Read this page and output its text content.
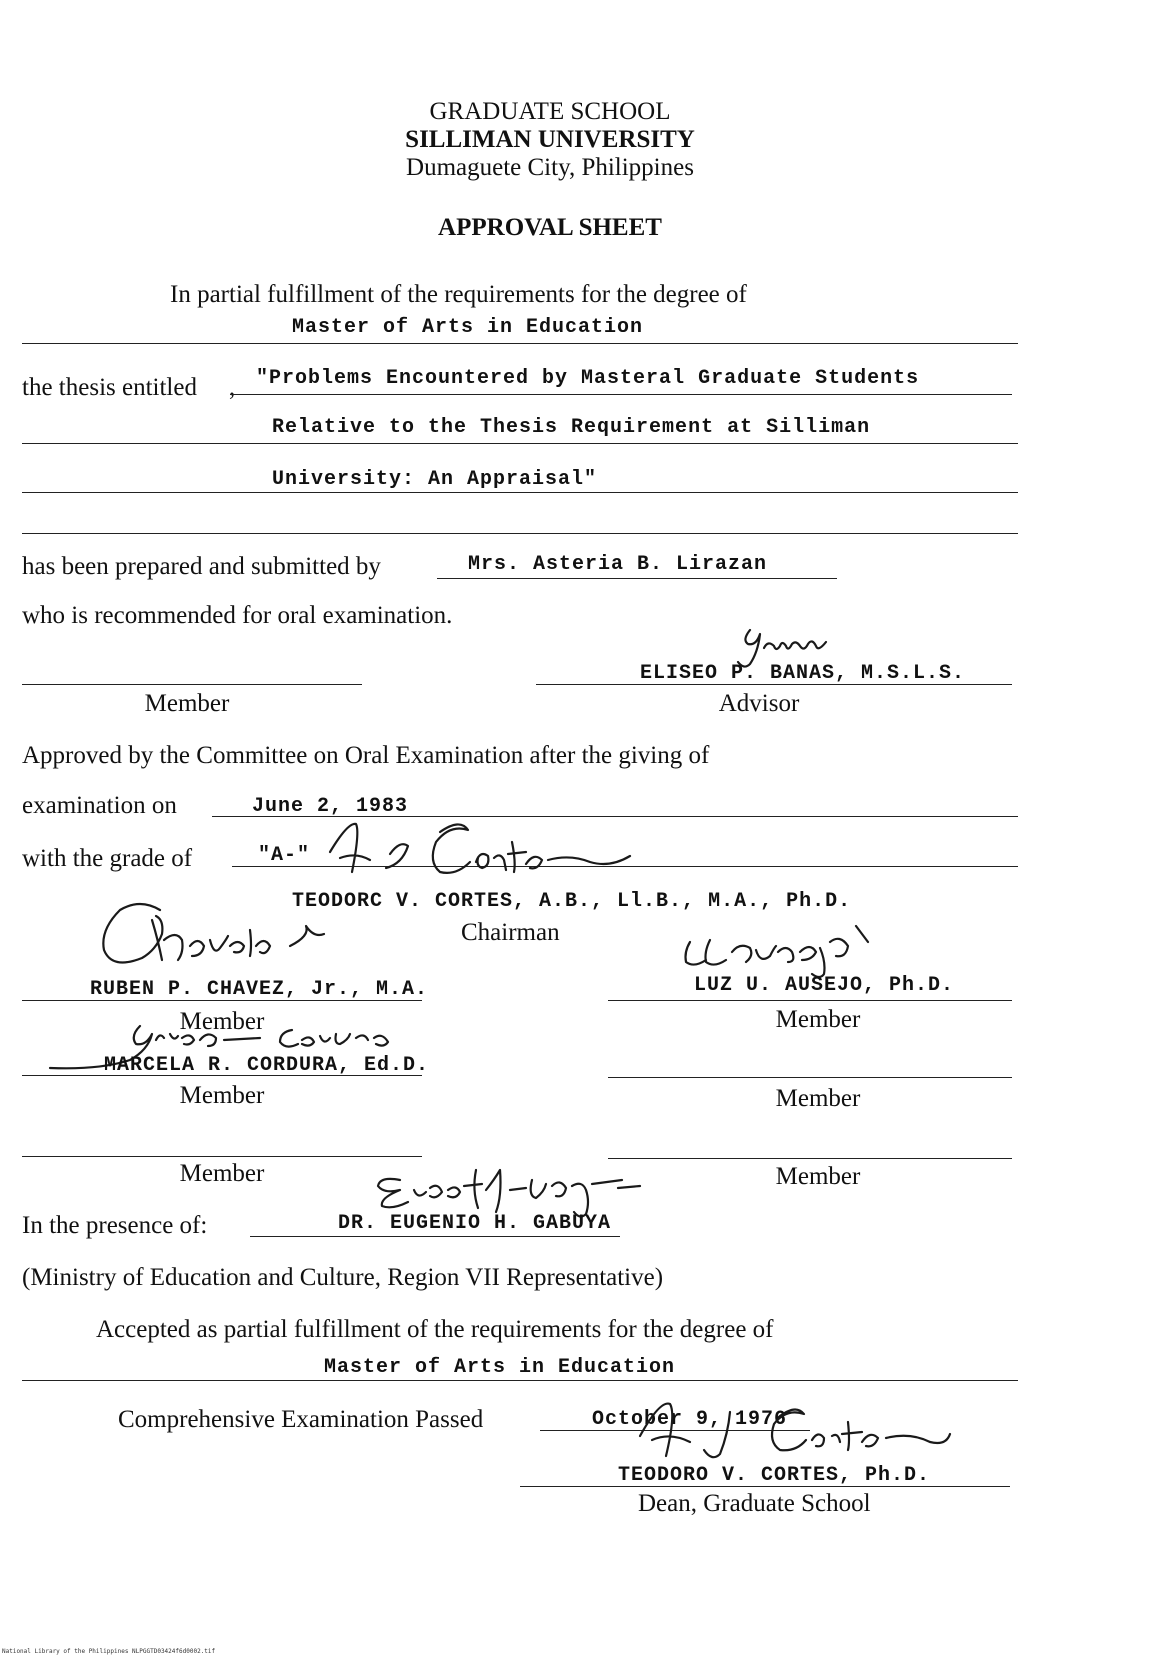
GRADUATE SCHOOL
SILLIMAN UNIVERSITY
Dumaguete City, Philippines
APPROVAL SHEET
In partial fulfillment of the requirements for the degree of
Master of Arts in Education
the thesis entitled , "Problems Encountered by Masteral Graduate Students
Relative to the Thesis Requirement at Silliman
University: An Appraisal"
has been prepared and submitted by	Mrs. Asteria B. Lirazan
who is recommended for oral examination.
ELISEO P. BANAS, M.S.L.S.
Member	Advisor
Approved by the Committee on Oral Examination after the giving of
examination on	June 2, 1983
with the grade of	"A-"
TEODORC V. CORTES, A.B., Ll.B., M.A., Ph.D.
Chairman
RUBEN P. CHAVEZ, Jr., M.A.	LUZ U. AUSEJO, Ph.D.
Member	Member
MARCELA R. CORDURA, Ed.D.
Member	Member
Member	Member
In the presence of:	DR. EUGENIO H. GABUYA
(Ministry of Education and Culture, Region VII Representative)
Accepted as partial fulfillment of the requirements for the degree of
Master of Arts in Education
Comprehensive Examination Passed	October 9, 1976
TEODORO V. CORTES, Ph.D.
Dean, Graduate School
National Library of the Philippines NLPGGTD03424f6d0002.tif
